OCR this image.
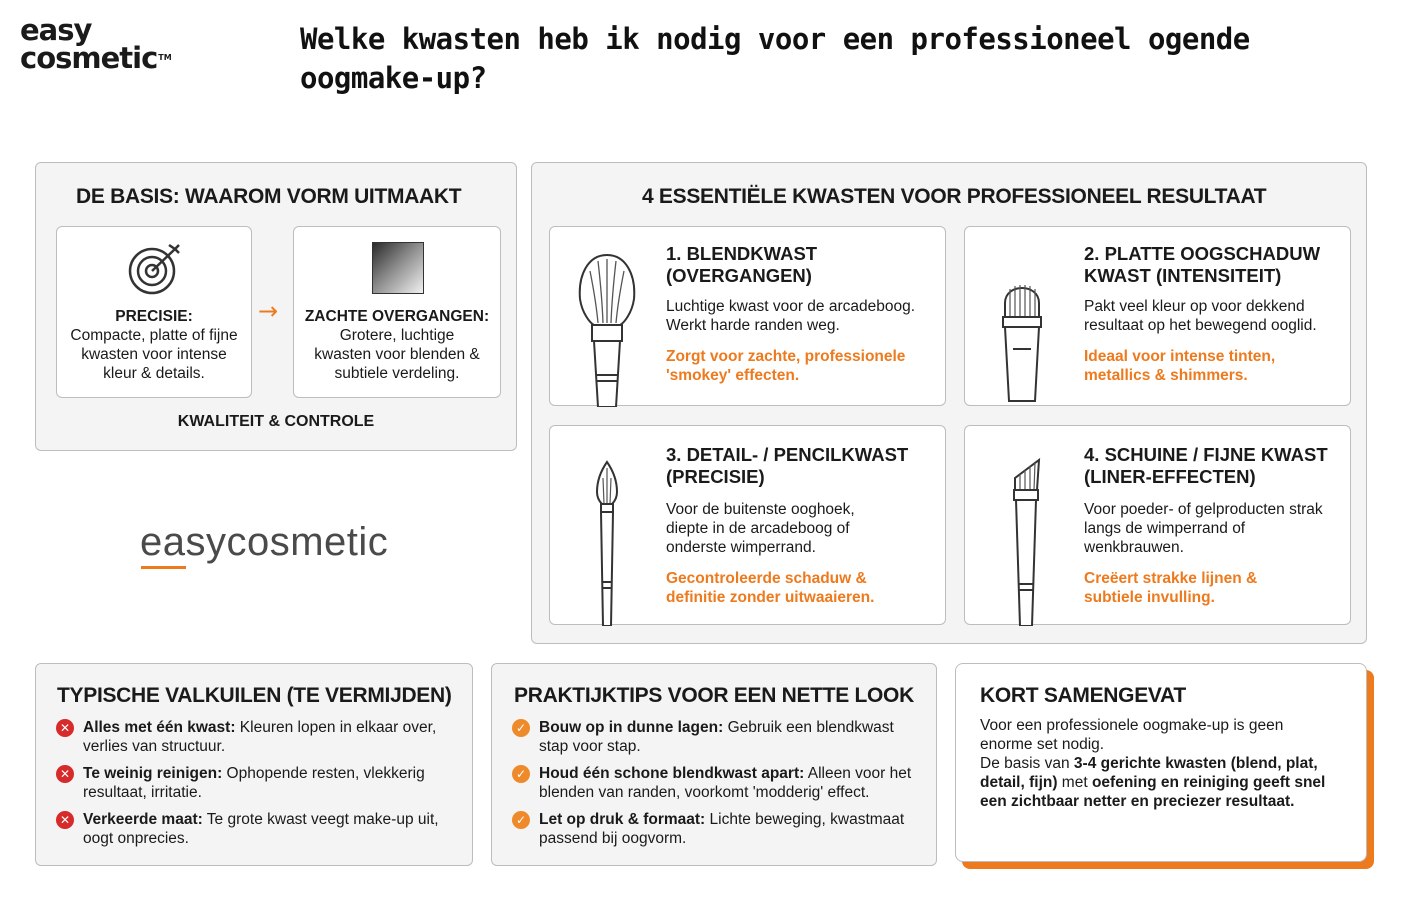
easy
cosmetic™
Welke kwasten heb ik nodig voor een professioneel ogende oogmake-up?
DE BASIS: WAAROM VORM UITMAAKT
PRECISIE:
Compacte, platte of fijne kwasten voor intense kleur & details.
→	ZACHTE OVERGANGEN:
Grotere, luchtige kwasten voor blenden & subtiele verdeling.
KWALITEIT & CONTROLE
easycosmetic
4 ESSENTIËLE KWASTEN VOOR PROFESSIONEEL RESULTAAT
1. BLENDKWAST (OVERGANGEN)
Luchtige kwast voor de arcadeboog. Werkt harde randen weg.
Zorgt voor zachte, professionele 'smokey' effecten.
2. PLATTE OOGSCHADUW KWAST (INTENSITEIT)
Pakt veel kleur op voor dekkend resultaat op het bewegend ooglid.
Ideaal voor intense tinten, metallics & shimmers.
3. DETAIL- / PENCILKWAST (PRECISIE)
Voor de buitenste ooghoek, diepte in de arcadeboog of onderste wimperrand.
Gecontroleerde schaduw & definitie zonder uitwaaieren.
4. SCHUINE / FIJNE KWAST (LINER-EFFECTEN)
Voor poeder- of gelproducten strak langs de wimperrand of wenkbrauwen.
Creëert strakke lijnen & subtiele invulling.
TYPISCHE VALKUILEN (TE VERMIJDEN)
✕ Alles met één kwast: Kleuren lopen in elkaar over, verlies van structuur.
✕ Te weinig reinigen: Ophopende resten, vlekkerig resultaat, irritatie.
✕ Verkeerde maat: Te grote kwast veegt make-up uit, oogt onprecies.
PRAKTIJKTIPS VOOR EEN NETTE LOOK
✓ Bouw op in dunne lagen: Gebruik een blendkwast stap voor stap.
✓ Houd één schone blendkwast apart: Alleen voor het blenden van randen, voorkomt 'modderig' effect.
✓ Let op druk & formaat: Lichte beweging, kwastmaat passend bij oogvorm.
KORT SAMENGEVAT
Voor een professionele oogmake-up is geen enorme set nodig.
De basis van 3-4 gerichte kwasten (blend, plat, detail, fijn) met oefening en reiniging geeft snel een zichtbaar netter en preciezer resultaat.
